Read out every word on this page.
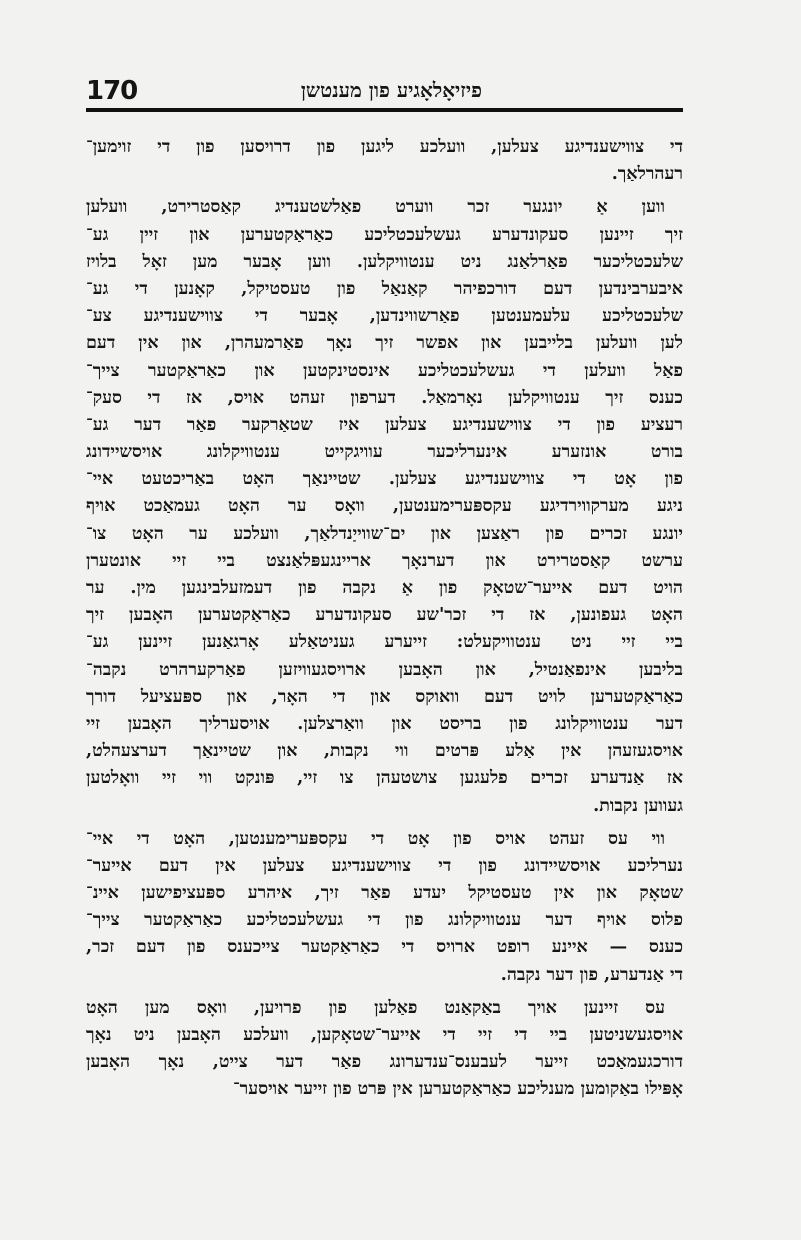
170	פיזיאָלאָגיע פון מענטשן
די צווישענדיגע צעלען, וועלכע ליגען פון דרויסען פון די זוימען־
רעהרלאַך.
ווען אַ יונגער זכר ווערט פאַלשטענדיג קאַסטרירט, וועלען
זיך זיינען סעקונדערע געשלעכטליכע כאַראַקטערען און זיין גע־
שלעכטליכער פאַרלאַנג ניט ענטוויקלען. ווען אָבער מען זאָל בלויז
איבערבינדען דעם דורכפיהר קאַנאַל פון טעסטיקל, קאָנען די גע־
שלעכטליכע עלעמענטען פאַרשווינדען, אָבער די צווישענדיגע צע־
לען וועלען בלייבען און אפשר זיך נאָך פאַרמעהרן, און אין דעם
פאַל וועלען די געשלעכטליכע אינסטינקטען און כאַראַקטער צייך־
כענס זיך ענטוויקלען נאָרמאַל. דערפון זעהט אויס, אז די סעק־
רעציע פון די צווישענדיגע צעלען איז שטאַרקער פאַר דער גע־
בורט אונזערע אינערליכער עוויגקייט ענטוויקלונג אויסשיידונג
פון אָט די צווישענדיגע צעלען. שטיינאַך האָט באַריכטעט איי־
ניגע מערקווירדיגע עקספּערימענטען, וואָס ער האָט געמאַכט אויף
יונגע זכרים פון ראַצען און ים־שווייַנדלאַך, וועלכע ער האָט צו־
ערשט קאַסטרירט און דערנאָך אריינגעפּלאַנצט ביי זיי אונטערן
הויט דעם אייער־שטאָק פון אַ נקבה פון דעמזעלבינגען מין. ער
האָט געפונען, אז די זכר'שע סעקונדערע כאַראַקטערען האָבען זיך
ביי זיי ניט ענטוויקעלט: זייערע געניטאַלע אָרגאַנען זיינען גע־
בליבען אינפאַנטיל, און האָבען ארויסגעוויזען פאַרקערהרט נקבה־
כאַראַקטערען לויט דעם וואוקס און די האָר, און ספּעציעל דורך
דער ענטוויקלונג פון בריסט און וואַרצלען. אויסערליך האָבען זיי
אויסגעזעהן אין אַלע פּרטים ווי נקבות, און שטיינאַך דערצעהלט,
אז אַנדערע זכרים פלעגען צושטעהן צו זיי, פּונקט ווי זיי וואָלטען
געווען נקבות.
ווי עס זעהט אויס פון אָט די עקספּערימענטען, האָט די איי־
נערליכע אויסשיידונג פון די צווישענדיגע צעלען אין דעם אייער־
שטאָק און אין טעסטיקל יעדע פאַר זיך, איהרע ספּעציפישען איינ־
פלוס אויף דער ענטוויקלונג פון די געשלעכטליכע כאַראַקטער צייך־
כענס — איינע רופט ארויס די כאַראַקטער צייכענס פון דעם זכר,
די אַנדערע, פון דער נקבה.
עס זיינען אויך באַקאַנט פאַלען פון פרויען, וואָס מען האָט
אויסגעשניטען ביי די זיי די אייער־שטאָקען, וועלכע האָבען ניט נאָך
דורכגעמאַכט זייער לעבענס־ענדערונג פאַר דער צייט, נאָך האָבען
אָפּילו באַקומען מענליכע כאַראַקטערען אין פּרט פון זייער אויסער־
